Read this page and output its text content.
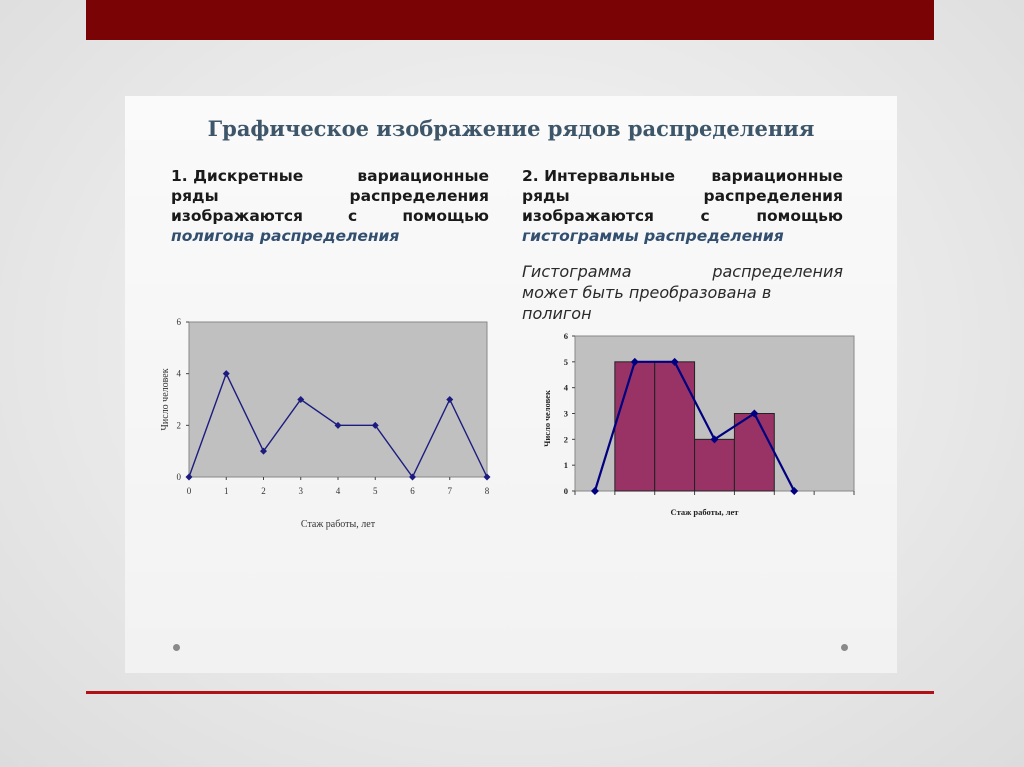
Графическое изображение рядов распределения
1. Дискретные	вариационные
ряды	распределения
изображаются	с	помощью
полигона распределения
2. Интервальные вариационные
ряды	распределения
изображаются	с	помощью
гистограммы распределения
Гистограмма	распределения
может быть преобразована в
полигон
0
2
4
6
0	1	2	3	4	5	6	7	8
Стаж работы, лет
Число человек
0
1
2
3
4
5
6
Стаж работы, лет
Число человек
